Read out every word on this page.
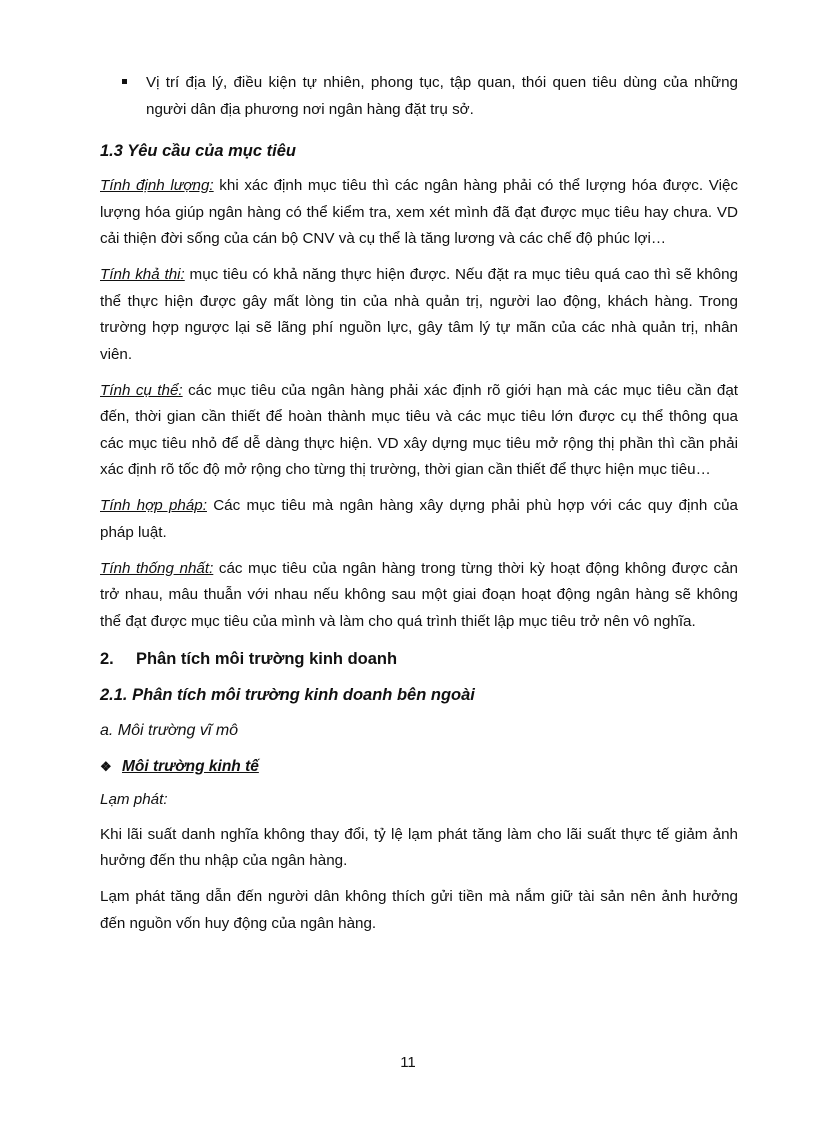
Vị trí địa lý, điều kiện tự nhiên, phong tục, tập quan, thói quen tiêu dùng của những người dân địa phương nơi ngân hàng đặt trụ sở.

1.3 Yêu cầu của mục tiêu

Tính định lượng: khi xác định mục tiêu thì các ngân hàng phải có thể lượng hóa được. Việc lượng hóa giúp ngân hàng có thể kiểm tra, xem xét mình đã đạt được mục tiêu hay chưa. VD cải thiện đời sống của cán bộ CNV và cụ thể là tăng lương và các chế độ phúc lợi…

Tính khả thi: mục tiêu có khả năng thực hiện được. Nếu đặt ra mục tiêu quá cao thì sẽ không thể thực hiện được gây mất lòng tin của nhà quản trị, người lao động, khách hàng. Trong trường hợp ngược lại sẽ lãng phí nguồn lực, gây tâm lý tự mãn của các nhà quản trị, nhân viên.

Tính cụ thể: các mục tiêu của ngân hàng phải xác định rõ giới hạn mà các mục tiêu cần đạt đến, thời gian cần thiết để hoàn thành mục tiêu và các mục tiêu lớn được cụ thể thông qua các mục tiêu nhỏ để dễ dàng thực hiện. VD xây dựng mục tiêu mở rộng thị phần thì cần phải xác định rõ tốc độ mở rộng cho từng thị trường, thời gian cần thiết để thực hiện mục tiêu…

Tính hợp pháp: Các mục tiêu mà ngân hàng xây dựng phải phù hợp với các quy định của pháp luật.

Tính thống nhất: các mục tiêu của ngân hàng trong từng thời kỳ hoạt động không được cản trở nhau, mâu thuẫn với nhau nếu không sau một giai đoạn hoạt động ngân hàng sẽ không thể đạt được mục tiêu của mình và làm cho quá trình thiết lập mục tiêu trở nên vô nghĩa.

2. Phân tích môi trường kinh doanh
2.1. Phân tích môi trường kinh doanh bên ngoài
a. Môi trường vĩ mô
❖ Môi trường kinh tế

Lạm phát:

Khi lãi suất danh nghĩa không thay đổi, tỷ lệ lạm phát tăng làm cho lãi suất thực tế giảm ảnh hưởng đến thu nhập của ngân hàng.

Lạm phát tăng dẫn đến người dân không thích gửi tiền mà nắm giữ tài sản nên ảnh hưởng đến nguồn vốn huy động của ngân hàng.

11
